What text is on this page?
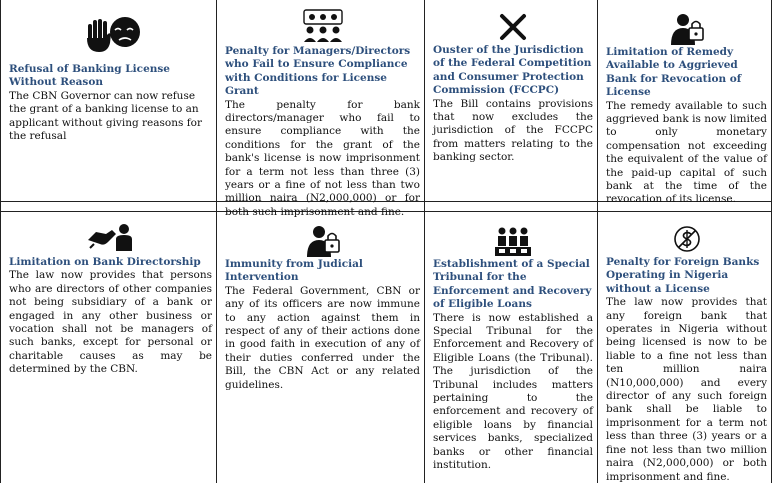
Refusal of Banking License Without Reason

The CBN Governor can now refuse the grant of a banking license to an applicant without giving reasons for the refusal

Penalty for Managers/Directors who Fail to Ensure Compliance with Conditions for License Grant

The penalty for bank directors/manager who fail to ensure compliance with the conditions for the grant of the bank's license is now imprisonment for a term not less than three (3) years or a fine of not less than two million naira (N2,000,000) or for both such imprisonment and fine.

Ouster of the Jurisdiction of the Federal Competition and Consumer Protection Commission (FCCPC)

The Bill contains provisions that now excludes the jurisdiction of the FCCPC from matters relating to the banking sector.

Limitation of Remedy Available to Aggrieved Bank for Revocation of License

The remedy available to such aggrieved bank is now limited to only monetary compensation not exceeding the equivalent of the value of the paid-up capital of such bank at the time of the revocation of its license.

Limitation on Bank Directorship

The law now provides that persons who are directors of other companies not being subsidiary of a bank or engaged in any other business or vocation shall not be managers of such banks, except for personal or charitable causes as may be determined by the CBN.

Immunity from Judicial Intervention

The Federal Government, CBN or any of its officers are now immune to any action against them in respect of any of their actions done in good faith in execution of any of their duties conferred under the Bill, the CBN Act or any related guidelines.

Establishment of a Special Tribunal for the Enforcement and Recovery of Eligible Loans

There is now established a Special Tribunal for the Enforcement and Recovery of Eligible Loans (the Tribunal). The jurisdiction of the Tribunal includes matters pertaining to the enforcement and recovery of eligible loans by financial services banks, specialized banks or other financial institution.

Penalty for Foreign Banks Operating in Nigeria without a License

The law now provides that any foreign bank that operates in Nigeria without being licensed is now to be liable to a fine not less than ten million naira (N10,000,000) and every director of any such foreign bank shall be liable to imprisonment for a term not less than three (3) years or a fine not less than two million naira (N2,000,000) or both imprisonment and fine.
